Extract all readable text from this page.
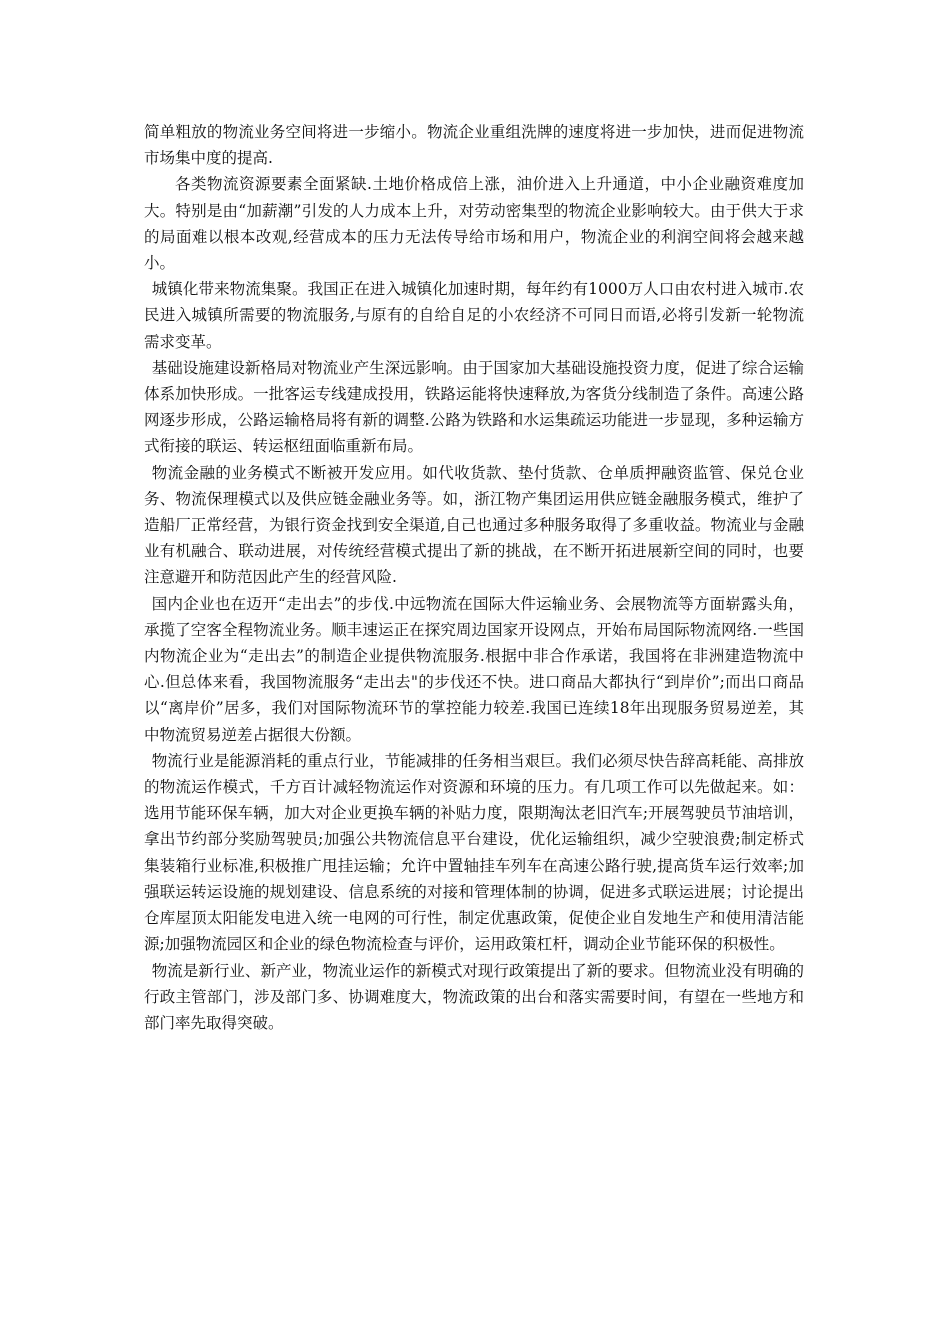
简单粗放的物流业务空间将进一步缩小。物流企业重组洗牌的速度将进一步加快，进而促进物流市场集中度的提高.

各类物流资源要素全面紧缺.土地价格成倍上涨，油价进入上升通道，中小企业融资难度加大。特别是由“加薪潮”引发的人力成本上升，对劳动密集型的物流企业影响较大。由于供大于求的局面难以根本改观,经营成本的压力无法传导给市场和用户，物流企业的利润空间将会越来越小。

城镇化带来物流集聚。我国正在进入城镇化加速时期，每年约有1000万人口由农村进入城市.农民进入城镇所需要的物流服务,与原有的自给自足的小农经济不可同日而语,必将引发新一轮物流需求变革。

基础设施建设新格局对物流业产生深远影响。由于国家加大基础设施投资力度，促进了综合运输体系加快形成。一批客运专线建成投用，铁路运能将快速释放,为客货分线制造了条件。高速公路网逐步形成，公路运输格局将有新的调整.公路为铁路和水运集疏运功能进一步显现，多种运输方式衔接的联运、转运枢纽面临重新布局。

物流金融的业务模式不断被开发应用。如代收货款、垫付货款、仓单质押融资监管、保兑仓业务、物流保理模式以及供应链金融业务等。如，浙江物产集团运用供应链金融服务模式，维护了造船厂正常经营，为银行资金找到安全渠道,自己也通过多种服务取得了多重收益。物流业与金融业有机融合、联动进展，对传统经营模式提出了新的挑战，在不断开拓进展新空间的同时，也要注意避开和防范因此产生的经营风险.

国内企业也在迈开“走出去”的步伐.中远物流在国际大件运输业务、会展物流等方面崭露头角，承揽了空客全程物流业务。顺丰速运正在探究周边国家开设网点，开始布局国际物流网络.一些国内物流企业为“走出去”的制造企业提供物流服务.根据中非合作承诺，我国将在非洲建造物流中心.但总体来看，我国物流服务“走出去"的步伐还不快。进口商品大都执行“到岸价”;而出口商品以“离岸价”居多，我们对国际物流环节的掌控能力较差.我国已连续18年出现服务贸易逆差，其中物流贸易逆差占据很大份额。

物流行业是能源消耗的重点行业，节能减排的任务相当艰巨。我们必须尽快告辞高耗能、高排放的物流运作模式，千方百计减轻物流运作对资源和环境的压力。有几项工作可以先做起来。如：选用节能环保车辆，加大对企业更换车辆的补贴力度，限期淘汰老旧汽车;开展驾驶员节油培训，拿出节约部分奖励驾驶员;加强公共物流信息平台建设，优化运输组织，减少空驶浪费;制定桥式集装箱行业标准,积极推广甩挂运输；允许中置轴挂车列车在高速公路行驶,提高货车运行效率;加强联运转运设施的规划建设、信息系统的对接和管理体制的协调，促进多式联运进展；讨论提出仓库屋顶太阳能发电进入统一电网的可行性，制定优惠政策，促使企业自发地生产和使用清洁能源;加强物流园区和企业的绿色物流检查与评价，运用政策杠杆，调动企业节能环保的积极性。

物流是新行业、新产业，物流业运作的新模式对现行政策提出了新的要求。但物流业没有明确的行政主管部门，涉及部门多、协调难度大，物流政策的出台和落实需要时间，有望在一些地方和部门率先取得突破。
